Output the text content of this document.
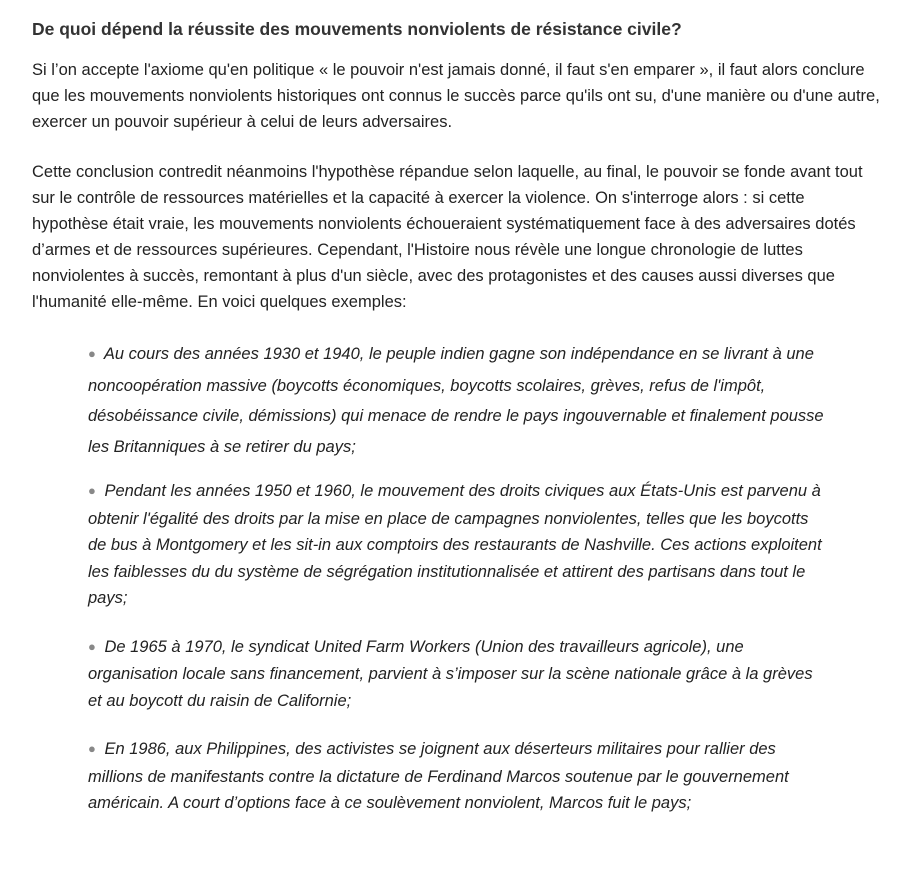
De quoi dépend la réussite des mouvements nonviolents de résistance civile?

Si l’on accepte l'axiome qu'en politique « le pouvoir n'est jamais donné, il faut s'en emparer », il faut alors conclure que les mouvements nonviolents historiques ont connus le succès parce qu'ils ont su, d'une manière ou d'une autre, exercer un pouvoir supérieur à celui de leurs adversaires.

Cette conclusion contredit néanmoins l'hypothèse répandue selon laquelle, au final, le pouvoir se fonde avant tout sur le contrôle de ressources matérielles et la capacité à exercer la violence. On s'interroge alors : si cette hypothèse était vraie, les mouvements nonviolents échoueraient systématiquement face à des adversaires dotés d’armes et de ressources supérieures. Cependant, l'Histoire nous révèle une longue chronologie de luttes nonviolentes à succès, remontant à plus d'un siècle, avec des protagonistes et des causes aussi diverses que l'humanité elle-même. En voici quelques exemples:

● Au cours des années 1930 et 1940, le peuple indien gagne son indépendance en se livrant à une noncoopération massive (boycotts économiques, boycotts scolaires, grèves, refus de l'impôt, désobéissance civile, démissions) qui menace de rendre le pays ingouvernable et finalement pousse les Britanniques à se retirer du pays;
● Pendant les années 1950 et 1960, le mouvement des droits civiques aux États-Unis est parvenu à obtenir l'égalité des droits par la mise en place de campagnes nonviolentes, telles que les boycotts de bus à Montgomery et les sit-in aux comptoirs des restaurants de Nashville. Ces actions exploitent les faiblesses du du système de ségrégation institutionnalisée et attirent des partisans dans tout le pays;
● De 1965 à 1970, le syndicat United Farm Workers (Union des travailleurs agricole), une organisation locale sans financement, parvient à s’imposer sur la scène nationale grâce à la grèves et au boycott du raisin de Californie;
● En 1986, aux Philippines, des activistes se joignent aux déserteurs militaires pour rallier des millions de manifestants contre la dictature de Ferdinand Marcos soutenue par le gouvernement américain. A court d’options face à ce soulèvement nonviolent, Marcos fuit le pays;
